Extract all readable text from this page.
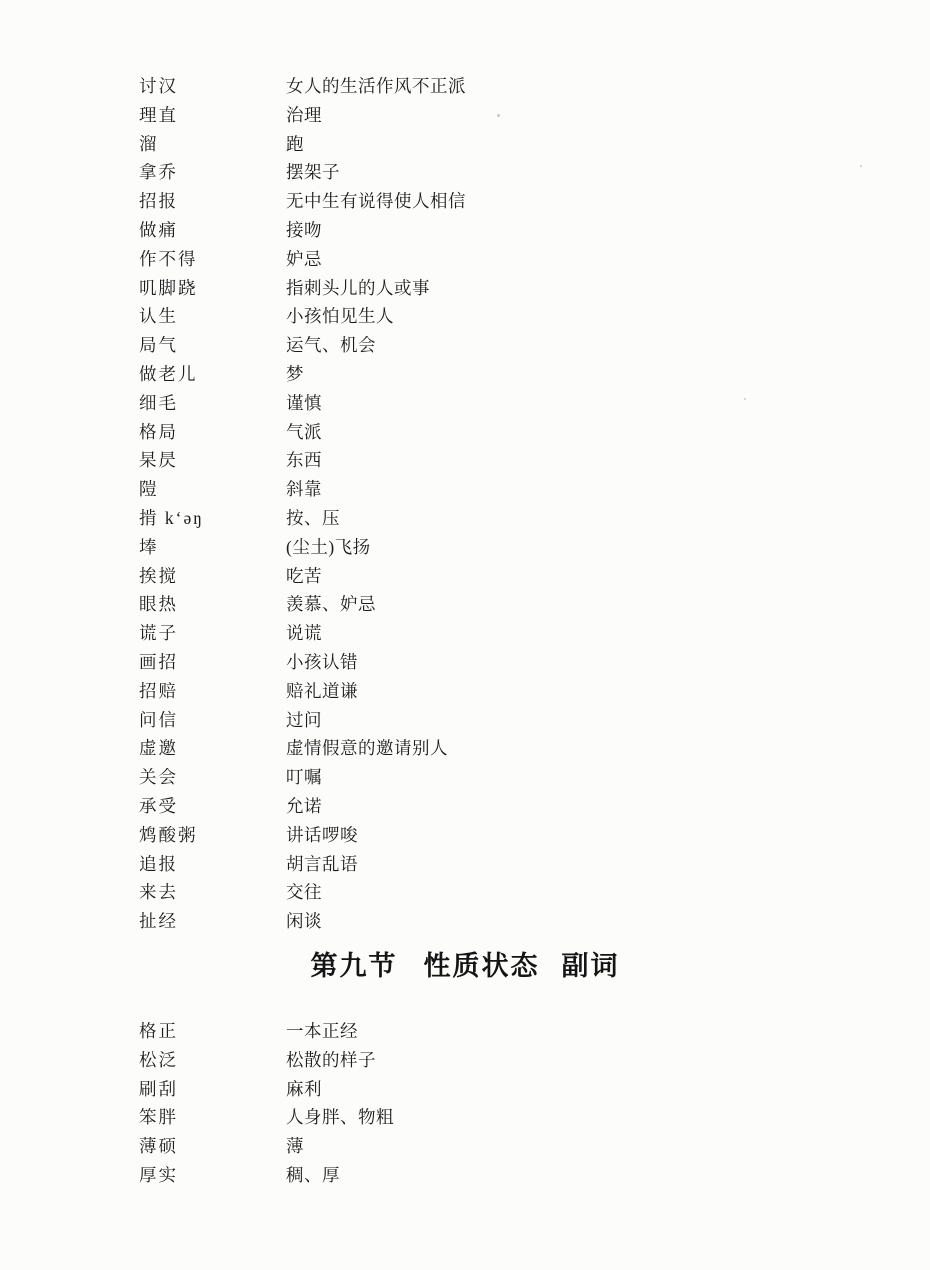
讨汉	女人的生活作风不正派
理直	治理
溜	跑
拿乔	摆架子
招报	无中生有说得使人相信
做痛	接吻
作不得	妒忌
叽脚跷	指刺头儿的人或事
认生	小孩怕见生人
局气	运气、机会
做老儿	梦
细毛	谨慎
格局	气派
杲昃	东西
隑	斜靠
掯 k‘əŋ	按、压
埲	(尘土)飞扬
挨搅	吃苦
眼热	羡慕、妒忌
谎子	说谎
画招	小孩认错
招赔	赔礼道谦
问信	过问
虚邀	虚情假意的邀请别人
关会	叮嘱
承受	允诺
鸩酸粥	讲话啰唆
追报	胡言乱语
来去	交往
扯经	闲谈
第九节 性质状态 副词
格正	一本正经
松泛	松散的样子
刷刮	麻利
笨胖	人身胖、物粗
薄硕	薄
厚实	稠、厚
